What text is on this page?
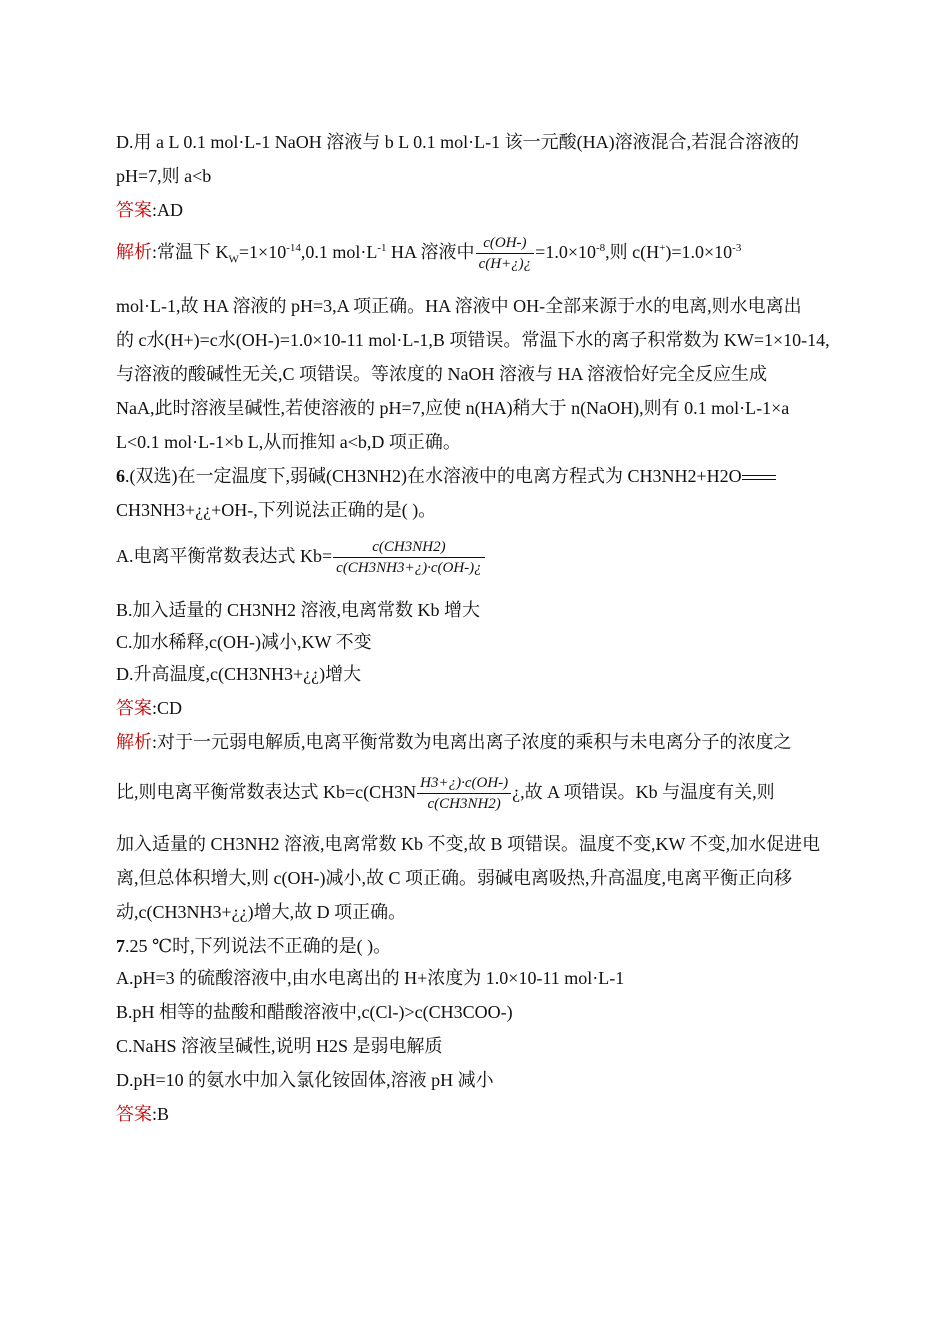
D.用 a L 0.1 mol·L-1 NaOH 溶液与 b L 0.1 mol·L-1 该一元酸(HA)溶液混合,若混合溶液的
pH=7,则 a<b
答案:AD
解析:常温下 $K_W=1\times 10^{-14},0.1$ $mol\cdot L^{-1}$ HA 溶液中 $\frac{c(OH-)}{c(H+¿)¿} =1.0\times 10^{-8}$,则 $c(H^+)=1.0\times 10^{-3}$
mol·L-1,故 HA 溶液的 pH=3,A 项正确。HA 溶液中 OH-全部来源于水的电离,则水电离出
的 c水(H+)=c水(OH-)=1.0×10-11 mol·L-1,B 项错误。常温下水的离子积常数为 KW=1×10-14,
与溶液的酸碱性无关,C 项错误。等浓度的 NaOH 溶液与 HA 溶液恰好完全反应生成
NaA,此时溶液呈碱性,若使溶液的 pH=7,应使 n(HA)稍大于 n(NaOH),则有 0.1 mol·L-1×a
L<0.1 mol·L-1×b L,从而推知 a<b,D 项正确。
6.(双选)在一定温度下,弱碱(CH3NH2)在水溶液中的电离方程式为 CH3NH2+H2O
CH3NH3+¿¿+OH-,下列说法正确的是( )。
A.电离平衡常数表达式 $Kb= \frac{c(CH3NH2)}{c(CH3NH3+¿)\cdot c(OH-)¿}$
B.加入适量的 CH3NH2 溶液,电离常数 Kb 增大
C.加水稀释,c(OH-)减小,KW 不变
D.升高温度,c(CH3NH3+¿¿)增大
答案:CD
解析:对于一元弱电解质,电离平衡常数为电离出离子浓度的乘积与未电离分子的浓度之
比,则电离平衡常数表达式 $Kb=c(CH3N \frac{H3+¿)\cdot c(OH-)}{c(CH3NH2)}$ ¿,故 A 项错误。Kb 与温度有关,则
加入适量的 CH3NH2 溶液,电离常数 Kb 不变,故 B 项错误。温度不变,KW 不变,加水促进电
离,但总体积增大,则 c(OH-)减小,故 C 项正确。弱碱电离吸热,升高温度,电离平衡正向移
动,c(CH3NH3+¿¿)增大,故 D 项正确。
7.25 ℃时,下列说法不正确的是( )。
A.pH=3 的硫酸溶液中,由水电离出的 H+浓度为 1.0×10-11 mol·L-1
B.pH 相等的盐酸和醋酸溶液中,c(Cl-)>c(CH3COO-)
C.NaHS 溶液呈碱性,说明 H2S 是弱电解质
D.pH=10 的氨水中加入氯化铵固体,溶液 pH 减小
答案:B
